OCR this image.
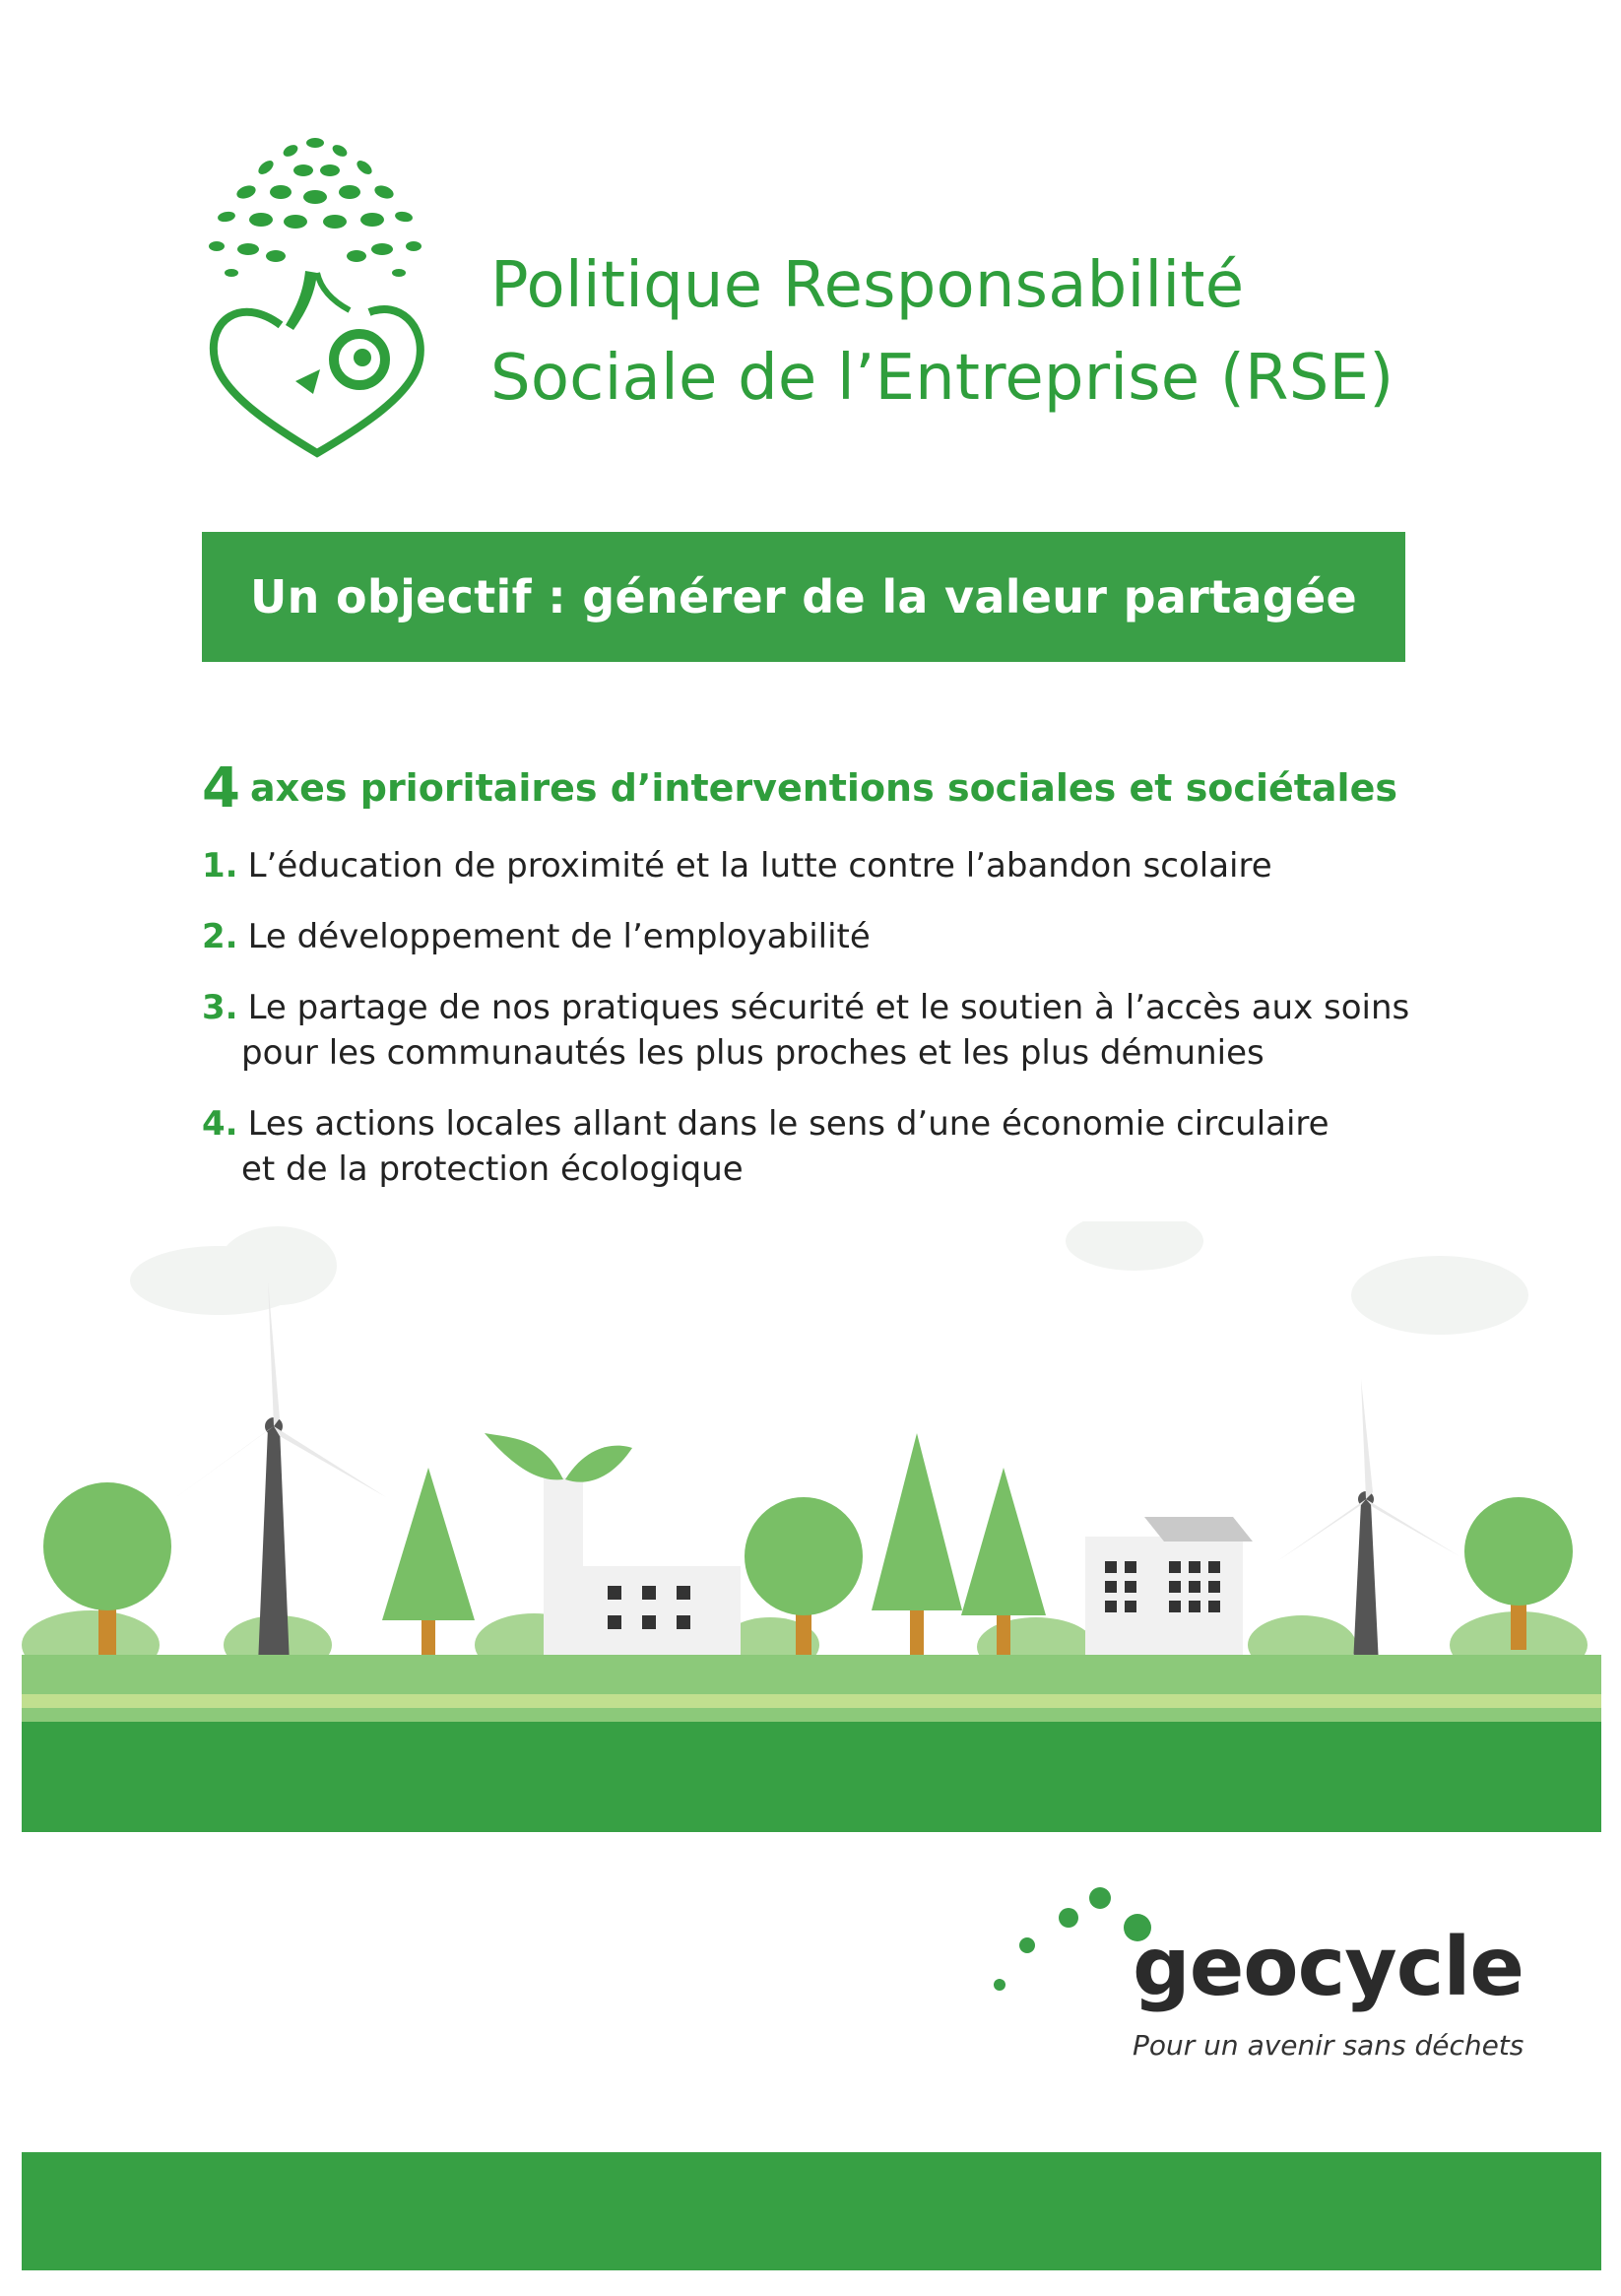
Politique Responsabilité
Sociale de l’Entreprise (RSE)
Un objectif : générer de la valeur partagée
4 axes prioritaires d’interventions sociales et sociétales
1. L’éducation de proximité et la lutte contre l’abandon scolaire
2. Le développement de l’employabilité
3. Le partage de nos pratiques sécurité et le soutien à l’accès aux soins
pour les communautés les plus proches et les plus démunies
4. Les actions locales allant dans le sens d’une économie circulaire
et de la protection écologique
geocycle
Pour un avenir sans déchets
